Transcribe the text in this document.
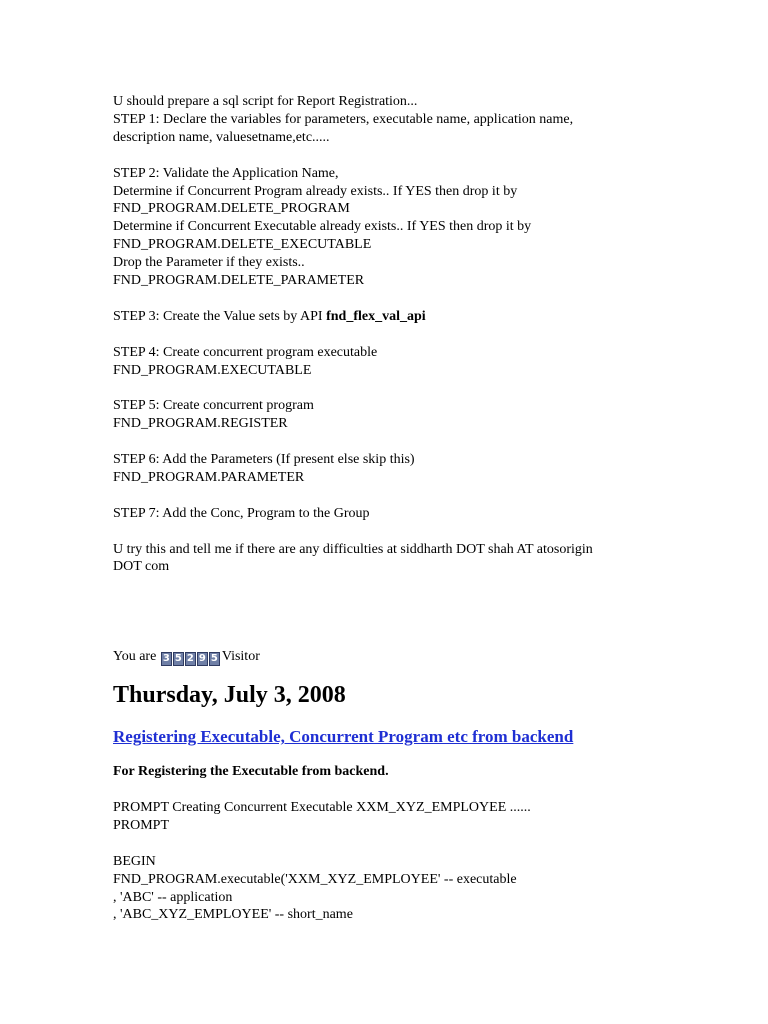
U should prepare a sql script for Report Registration...

STEP 1: Declare the variables for parameters, executable name, application name,

description name, valuesetname,etc.....

STEP 2: Validate the Application Name,

Determine if Concurrent Program already exists.. If YES then drop it by

FND_PROGRAM.DELETE_PROGRAM

Determine if Concurrent Executable already exists.. If YES then drop it by

FND_PROGRAM.DELETE_EXECUTABLE

Drop the Parameter if they exists..

FND_PROGRAM.DELETE_PARAMETER

STEP 3: Create the Value sets by API fnd_flex_val_api

STEP 4: Create concurrent program executable

FND_PROGRAM.EXECUTABLE

STEP 5: Create concurrent program

FND_PROGRAM.REGISTER

STEP 6: Add the Parameters (If present else skip this)

FND_PROGRAM.PARAMETER

STEP 7: Add the Conc, Program to the Group

U try this and tell me if there are any difficulties at siddharth DOT shah AT atosorigin

DOT com

You are 3 5 2 9 5 Visitor

Thursday, July 3, 2008
Registering Executable, Concurrent Program etc from backend

For Registering the Executable from backend.

PROMPT Creating Concurrent Executable XXM_XYZ_EMPLOYEE ......

PROMPT

BEGIN

FND_PROGRAM.executable('XXM_XYZ_EMPLOYEE' -- executable

, 'ABC' -- application

, 'ABC_XYZ_EMPLOYEE' -- short_name
